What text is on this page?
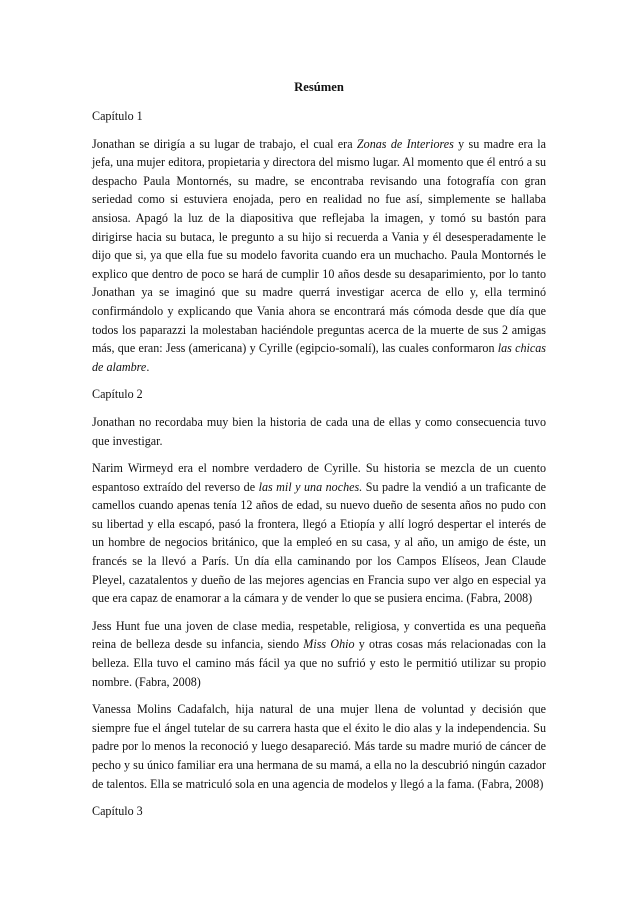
Resúmen

Capítulo 1

Jonathan se dirigía a su lugar de trabajo, el cual era Zonas de Interiores y su madre era la jefa, una mujer editora, propietaria y directora del mismo lugar. Al momento que él entró a su despacho Paula Montornés, su madre, se encontraba revisando una fotografía con gran seriedad como si estuviera enojada, pero en realidad no fue así, simplemente se hallaba ansiosa. Apagó la luz de la diapositiva que reflejaba la imagen, y tomó su bastón para dirigirse hacia su butaca, le pregunto a su hijo si recuerda a Vania y él desesperadamente le dijo que si, ya que ella fue su modelo favorita cuando era un muchacho. Paula Montornés le explico que dentro de poco se hará de cumplir 10 años desde su desaparimiento, por lo tanto Jonathan ya se imaginó que su madre querrá investigar acerca de ello y, ella terminó confirmándolo y explicando que Vania ahora se encontrará más cómoda desde que día que todos los paparazzi la molestaban haciéndole preguntas acerca de la muerte de sus 2 amigas más, que eran: Jess (americana) y Cyrille (egipcio-somalí), las cuales conformaron las chicas de alambre.

Capítulo 2

Jonathan no recordaba muy bien la historia de cada una de ellas y como consecuencia tuvo que investigar.

Narim Wirmeyd era el nombre verdadero de Cyrille. Su historia se mezcla de un cuento espantoso extraído del reverso de las mil y una noches. Su padre la vendió a un traficante de camellos cuando apenas tenía 12 años de edad, su nuevo dueño de sesenta años no pudo con su libertad y ella escapó, pasó la frontera, llegó a Etiopía y allí logró despertar el interés de un hombre de negocios británico, que la empleó en su casa, y al año, un amigo de éste, un francés se la llevó a París. Un día ella caminando por los Campos Elíseos, Jean Claude Pleyel, cazatalentos y dueño de las mejores agencias en Francia supo ver algo en especial ya que era capaz de enamorar a la cámara y de vender lo que se pusiera encima. (Fabra, 2008)

Jess Hunt fue una joven de clase media, respetable, religiosa, y convertida es una pequeña reina de belleza desde su infancia, siendo Miss Ohio y otras cosas más relacionadas con la belleza. Ella tuvo el camino más fácil ya que no sufrió y esto le permitió utilizar su propio nombre. (Fabra, 2008)

Vanessa Molins Cadafalch, hija natural de una mujer llena de voluntad y decisión que siempre fue el ángel tutelar de su carrera hasta que el éxito le dio alas y la independencia. Su padre por lo menos la reconoció y luego desapareció. Más tarde su madre murió de cáncer de pecho y su único familiar era una hermana de su mamá, a ella no la descubrió ningún cazador de talentos. Ella se matriculó sola en una agencia de modelos y llegó a la fama. (Fabra, 2008)

Capítulo 3
